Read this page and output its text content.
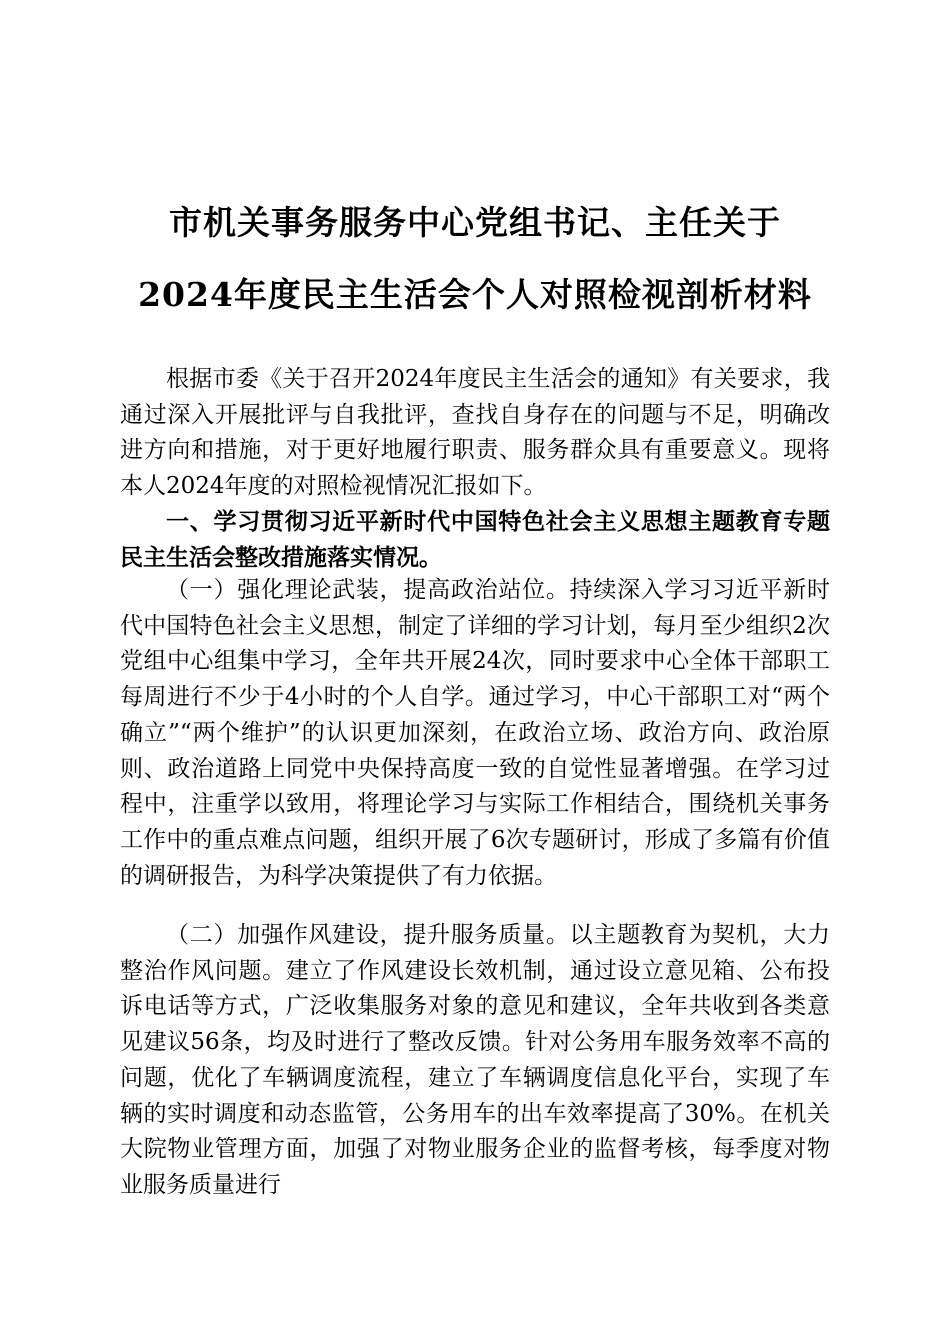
市机关事务服务中心党组书记、主任关于
2024年度民主生活会个人对照检视剖析材料

根据市委《关于召开2024年度民主生活会的通知》有关要求，我通过深入开展批评与自我批评，查找自身存在的问题与不足，明确改进方向和措施，对于更好地履行职责、服务群众具有重要意义。现将本人2024年度的对照检视情况汇报如下。

一、学习贯彻习近平新时代中国特色社会主义思想主题教育专题民主生活会整改措施落实情况。

（一）强化理论武装，提高政治站位。持续深入学习习近平新时代中国特色社会主义思想，制定了详细的学习计划，每月至少组织2次党组中心组集中学习，全年共开展24次，同时要求中心全体干部职工每周进行不少于4小时的个人自学。通过学习，中心干部职工对“两个确立”“两个维护”的认识更加深刻，在政治立场、政治方向、政治原则、政治道路上同党中央保持高度一致的自觉性显著增强。在学习过程中，注重学以致用，将理论学习与实际工作相结合，围绕机关事务工作中的重点难点问题，组织开展了6次专题研讨，形成了多篇有价值的调研报告，为科学决策提供了有力依据。

（二）加强作风建设，提升服务质量。以主题教育为契机，大力整治作风问题。建立了作风建设长效机制，通过设立意见箱、公布投诉电话等方式，广泛收集服务对象的意见和建议，全年共收到各类意见建议56条，均及时进行了整改反馈。针对公务用车服务效率不高的问题，优化了车辆调度流程，建立了车辆调度信息化平台，实现了车辆的实时调度和动态监管，公务用车的出车效率提高了30%。在机关大院物业管理方面，加强了对物业服务企业的监督考核，每季度对物业服务质量进行
